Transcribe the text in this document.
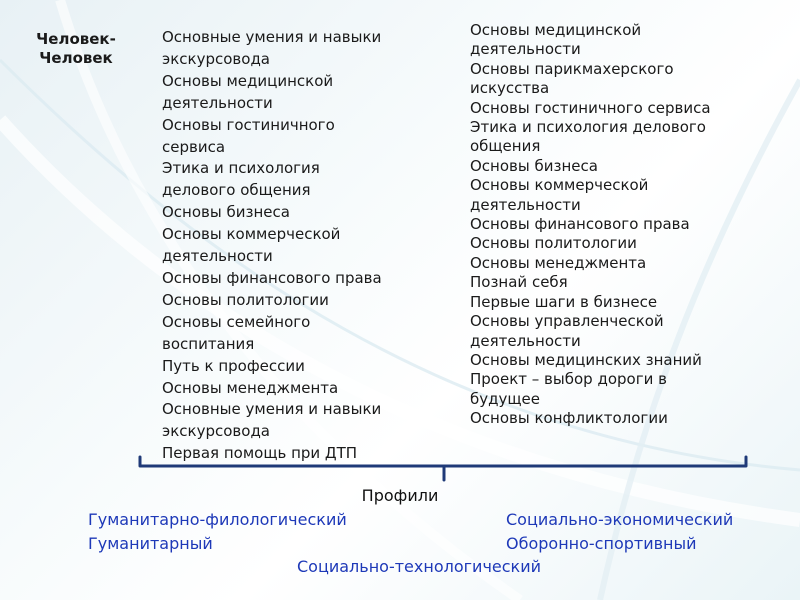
Человек-
Человек
Основные умения и навыки
экскурсовода
Основы медицинской
деятельности
Основы гостиничного
сервиса
Этика и психология
делового общения
Основы бизнеса
Основы коммерческой
деятельности
Основы финансового права
Основы политологии
Основы семейного
воспитания
Путь к профессии
Основы менеджмента
Основные умения и навыки
экскурсовода
Первая помощь при ДТП
Основы медицинской
деятельности
Основы парикмахерского
искусства
Основы гостиничного сервиса
Этика и психология делового
общения
Основы бизнеса
Основы коммерческой
деятельности
Основы финансового права
Основы политологии
Основы менеджмента
Познай себя
Первые шаги в бизнесе
Основы управленческой
деятельности
Основы медицинских знаний
Проект – выбор дороги в
будущее
Основы конфликтологии
Профили
Гуманитарно-филологический	Социально-экономический
Гуманитарный	Оборонно-спортивный
Социально-технологический
